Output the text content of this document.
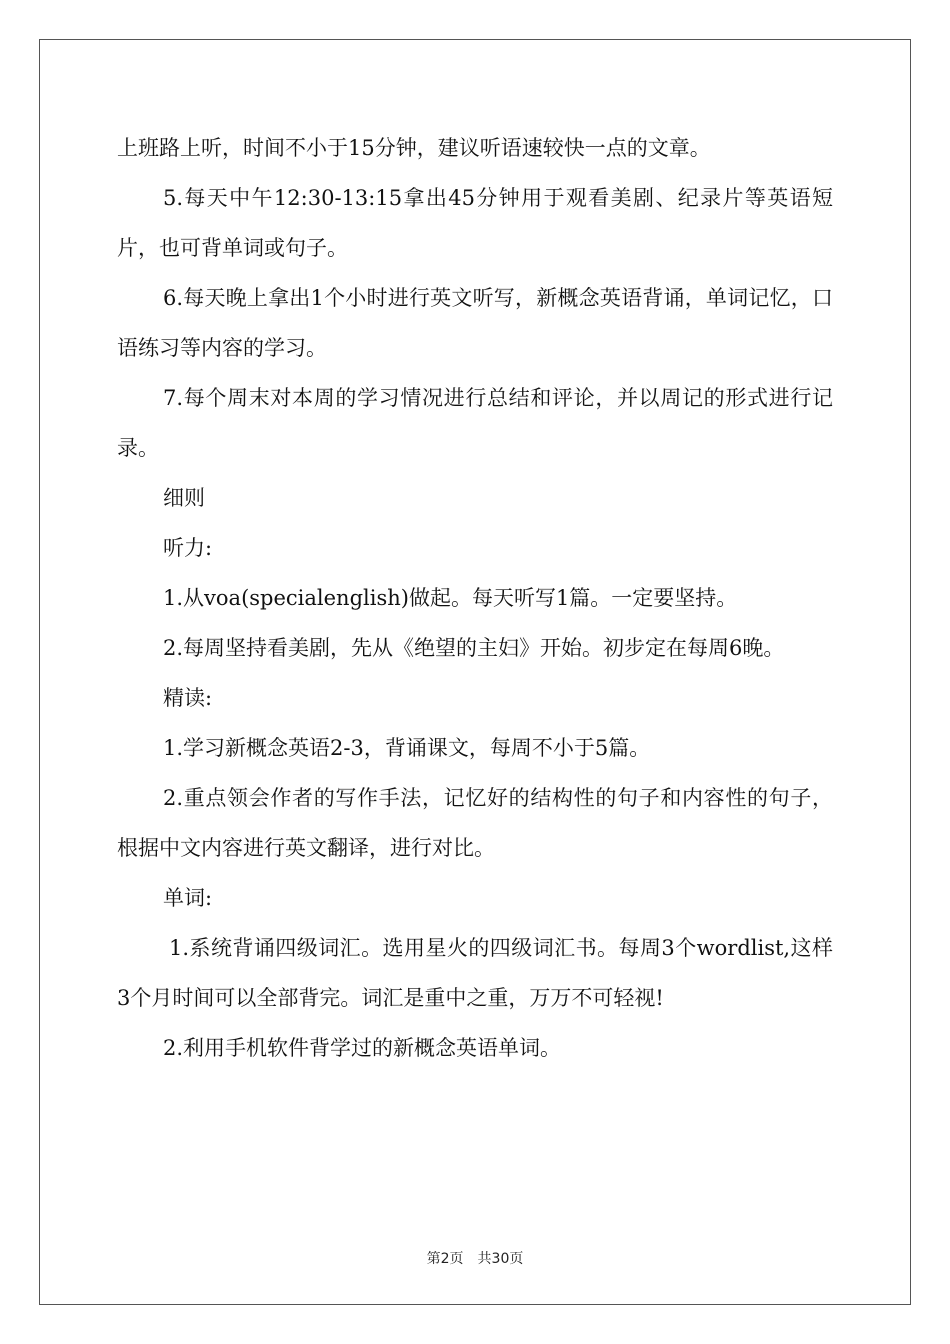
上班路上听，时间不小于15分钟，建议听语速较快一点的文章。

5.每天中午12:30-13:15拿出45分钟用于观看美剧、纪录片等英语短片，也可背单词或句子。

6.每天晚上拿出1个小时进行英文听写，新概念英语背诵，单词记忆，口语练习等内容的学习。

7.每个周末对本周的学习情况进行总结和评论，并以周记的形式进行记录。

细则

听力:

1.从voa(specialenglish)做起。每天听写1篇。一定要坚持。

2.每周坚持看美剧，先从《绝望的主妇》开始。初步定在每周6晚。

精读:

1.学习新概念英语2-3，背诵课文，每周不小于5篇。

2.重点领会作者的写作手法，记忆好的结构性的句子和内容性的句子，根据中文内容进行英文翻译，进行对比。

单词:

1.系统背诵四级词汇。选用星火的四级词汇书。每周3个wordlist,这样3个月时间可以全部背完。词汇是重中之重，万万不可轻视!

2.利用手机软件背学过的新概念英语单词。

第2页　共30页
